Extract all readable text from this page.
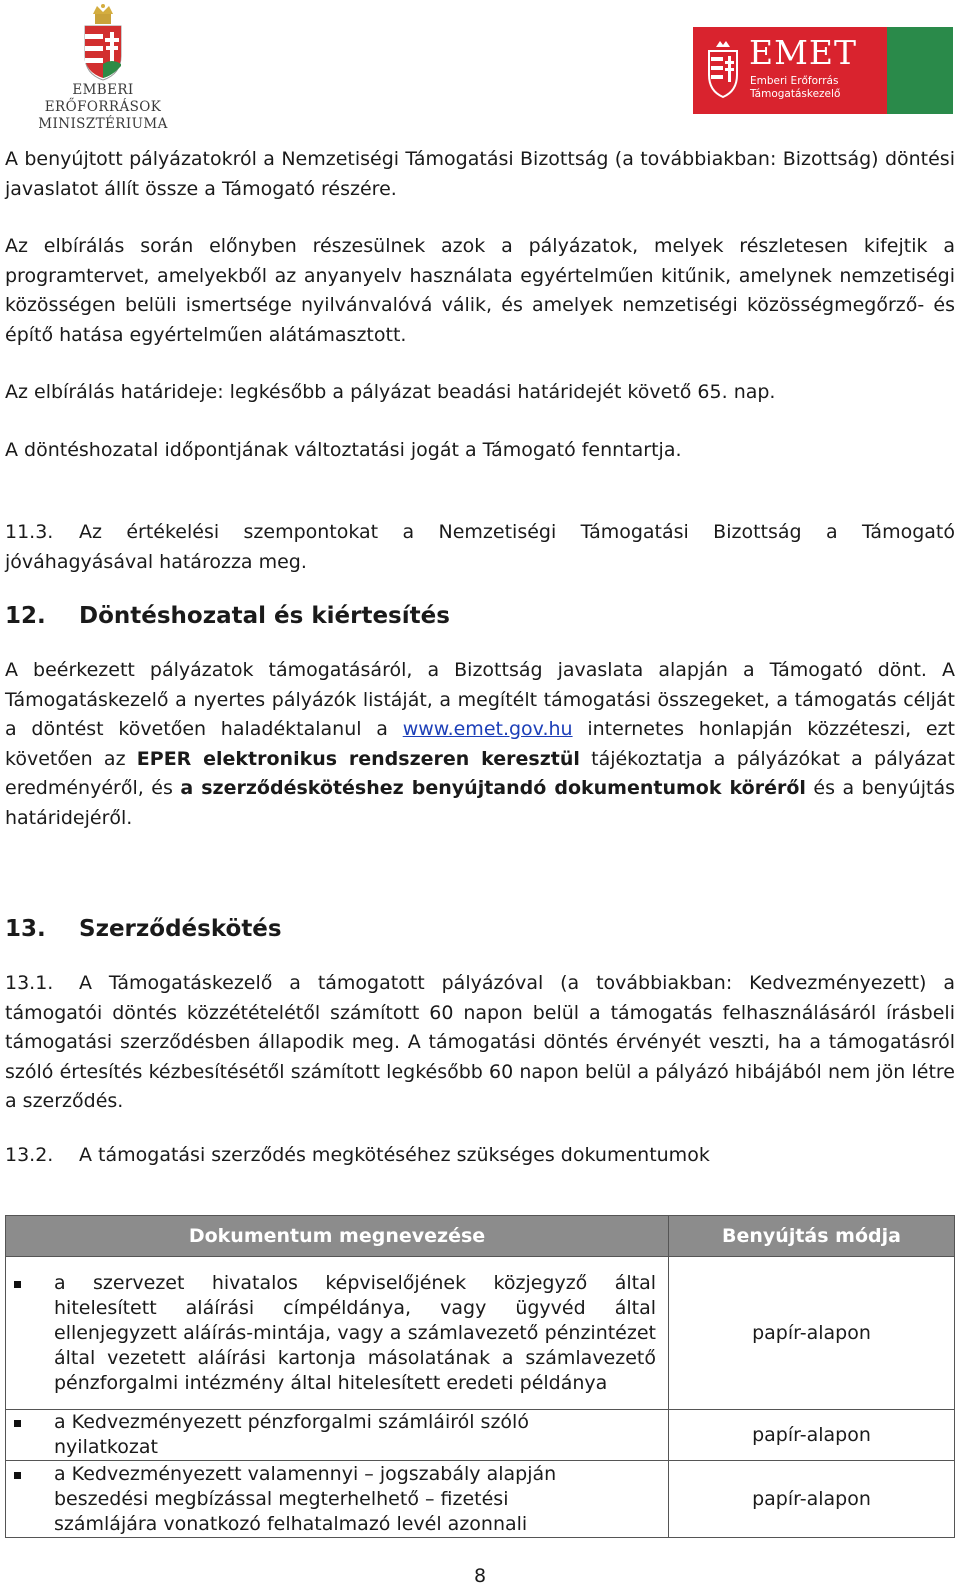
EMBERI ERŐFORRÁSOK
MINISZTÉRIUMA
EMET
Emberi Erőforrás
Támogatáskezelő

A benyújtott pályázatokról a Nemzetiségi Támogatási Bizottság (a továbbiakban: Bizottság) döntési javaslatot állít össze a Támogató részére.

Az elbírálás során előnyben részesülnek azok a pályázatok, melyek részletesen kifejtik a programtervet, amelyekből az anyanyelv használata egyértelműen kitűnik, amelynek nemzetiségi közösségen belüli ismertsége nyilvánvalóvá válik, és amelyek nemzetiségi közösségmegőrző- és építő hatása egyértelműen alátámasztott.

Az elbírálás határideje: legkésőbb a pályázat beadási határidejét követő 65. nap.

A döntéshozatal időpontjának változtatási jogát a Támogató fenntartja.

11.3. Az értékelési szempontokat a Nemzetiségi Támogatási Bizottság a Támogató jóváhagyásával határozza meg.

12. Döntéshozatal és kiértesítés

A beérkezett pályázatok támogatásáról, a Bizottság javaslata alapján a Támogató dönt. A Támogatáskezelő a nyertes pályázók listáját, a megítélt támogatási összegeket, a támogatás célját a döntést követően haladéktalanul a www.emet.gov.hu internetes honlapján közzéteszi, ezt követően az EPER elektronikus rendszeren keresztül tájékoztatja a pályázókat a pályázat eredményéről, és a szerződéskötéshez benyújtandó dokumentumok köréről és a benyújtás határidejéről.

13. Szerződéskötés

13.1. A Támogatáskezelő a támogatott pályázóval (a továbbiakban: Kedvezményezett) a támogatói döntés közzétételétől számított 60 napon belül a támogatás felhasználásáról írásbeli támogatási szerződésben állapodik meg. A támogatási döntés érvényét veszti, ha a támogatásról szóló értesítés kézbesítésétől számított legkésőbb 60 napon belül a pályázó hibájából nem jön létre a szerződés.

13.2. A támogatási szerződés megkötéséhez szükséges dokumentumok

Dokumentum megnevezése	Benyújtás módja

a szervezet hivatalos képviselőjének közjegyző által hitelesített aláírási címpéldánya, vagy ügyvéd által ellenjegyzett aláírás-mintája, vagy a számlavezető pénzintézet által vezetett aláírási kartonja másolatának a számlavezető pénzforgalmi intézmény által hitelesített eredeti példánya	papír-alapon

a Kedvezményezett pénzforgalmi számláiról szóló nyilatkozat	papír-alapon

a Kedvezményezett valamennyi – jogszabály alapján beszedési megbízással megterhelhető – fizetési számlájára vonatkozó felhatalmazó levél azonnali	papír-alapon
8
